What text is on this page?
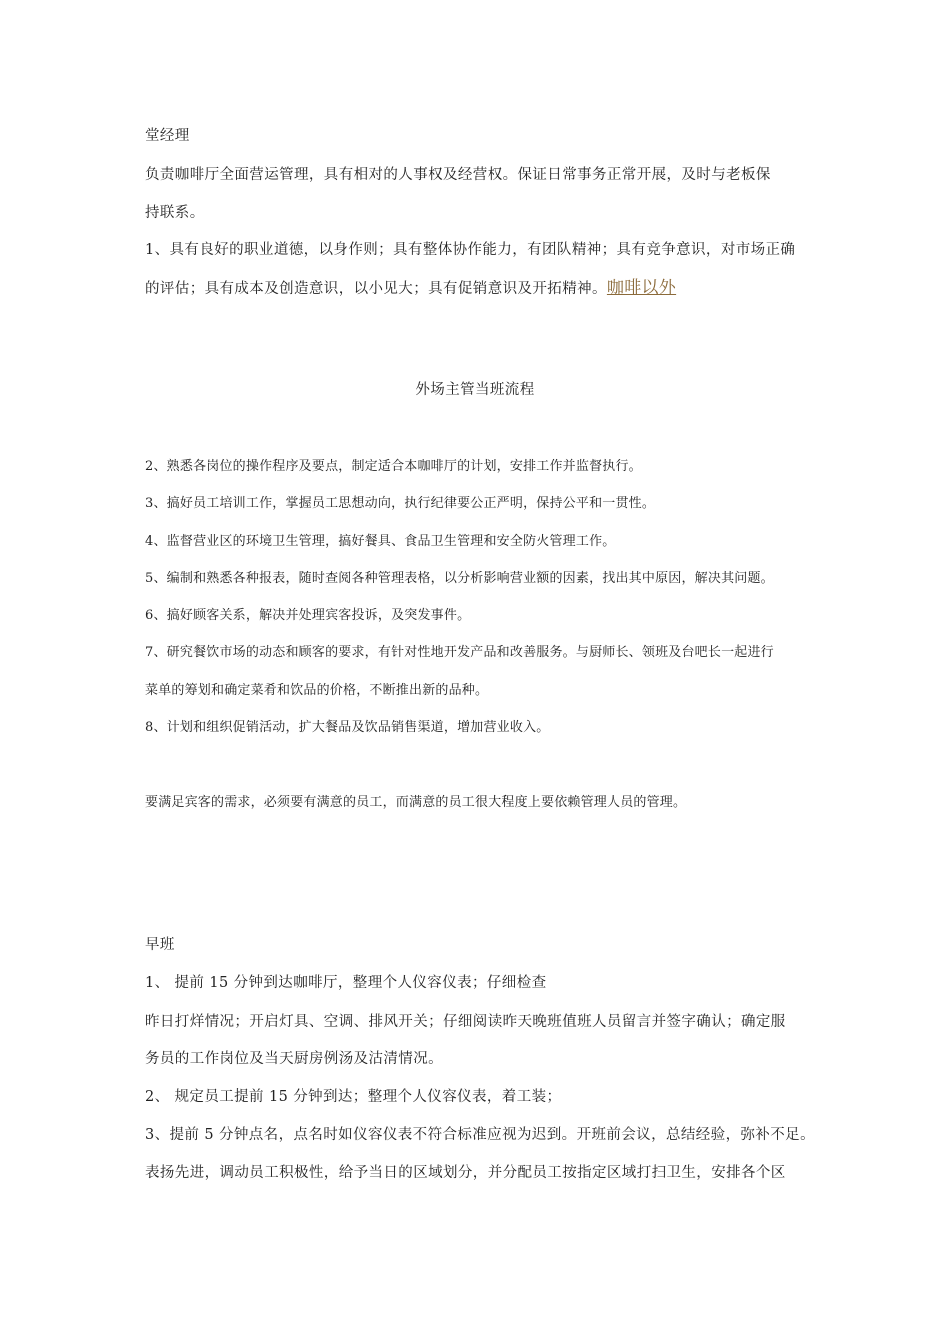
堂经理
负责咖啡厅全面营运管理，具有相对的人事权及经营权。保证日常事务正常开展，及时与老板保
持联系。
1、具有良好的职业道德，以身作则；具有整体协作能力，有团队精神；具有竞争意识，对市场正确
的评估；具有成本及创造意识，以小见大；具有促销意识及开拓精神。咖啡以外
外场主管当班流程
2、熟悉各岗位的操作程序及要点，制定适合本咖啡厅的计划，安排工作并监督执行。
3、搞好员工培训工作，掌握员工思想动向，执行纪律要公正严明，保持公平和一贯性。
4、监督营业区的环境卫生管理，搞好餐具、食品卫生管理和安全防火管理工作。
5、编制和熟悉各种报表，随时查阅各种管理表格，以分析影响营业额的因素，找出其中原因，解决其问题。
6、搞好顾客关系，解决并处理宾客投诉，及突发事件。
7、研究餐饮市场的动态和顾客的要求，有针对性地开发产品和改善服务。与厨师长、领班及台吧长一起进行
菜单的筹划和确定菜肴和饮品的价格，不断推出新的品种。
8、计划和组织促销活动，扩大餐品及饮品销售渠道，增加营业收入。
要满足宾客的需求，必须要有满意的员工，而满意的员工很大程度上要依赖管理人员的管理。
早班
1、 提前 15 分钟到达咖啡厅，整理个人仪容仪表；仔细检查
昨日打烊情况；开启灯具、空调、排风开关；仔细阅读昨天晚班值班人员留言并签字确认；确定服
务员的工作岗位及当天厨房例汤及沽清情况。
2、 规定员工提前 15 分钟到达；整理个人仪容仪表，着工装；
3、提前 5 分钟点名，点名时如仪容仪表不符合标准应视为迟到。开班前会议，总结经验，弥补不足。
表扬先进，调动员工积极性，给予当日的区域划分，并分配员工按指定区域打扫卫生，安排各个区
